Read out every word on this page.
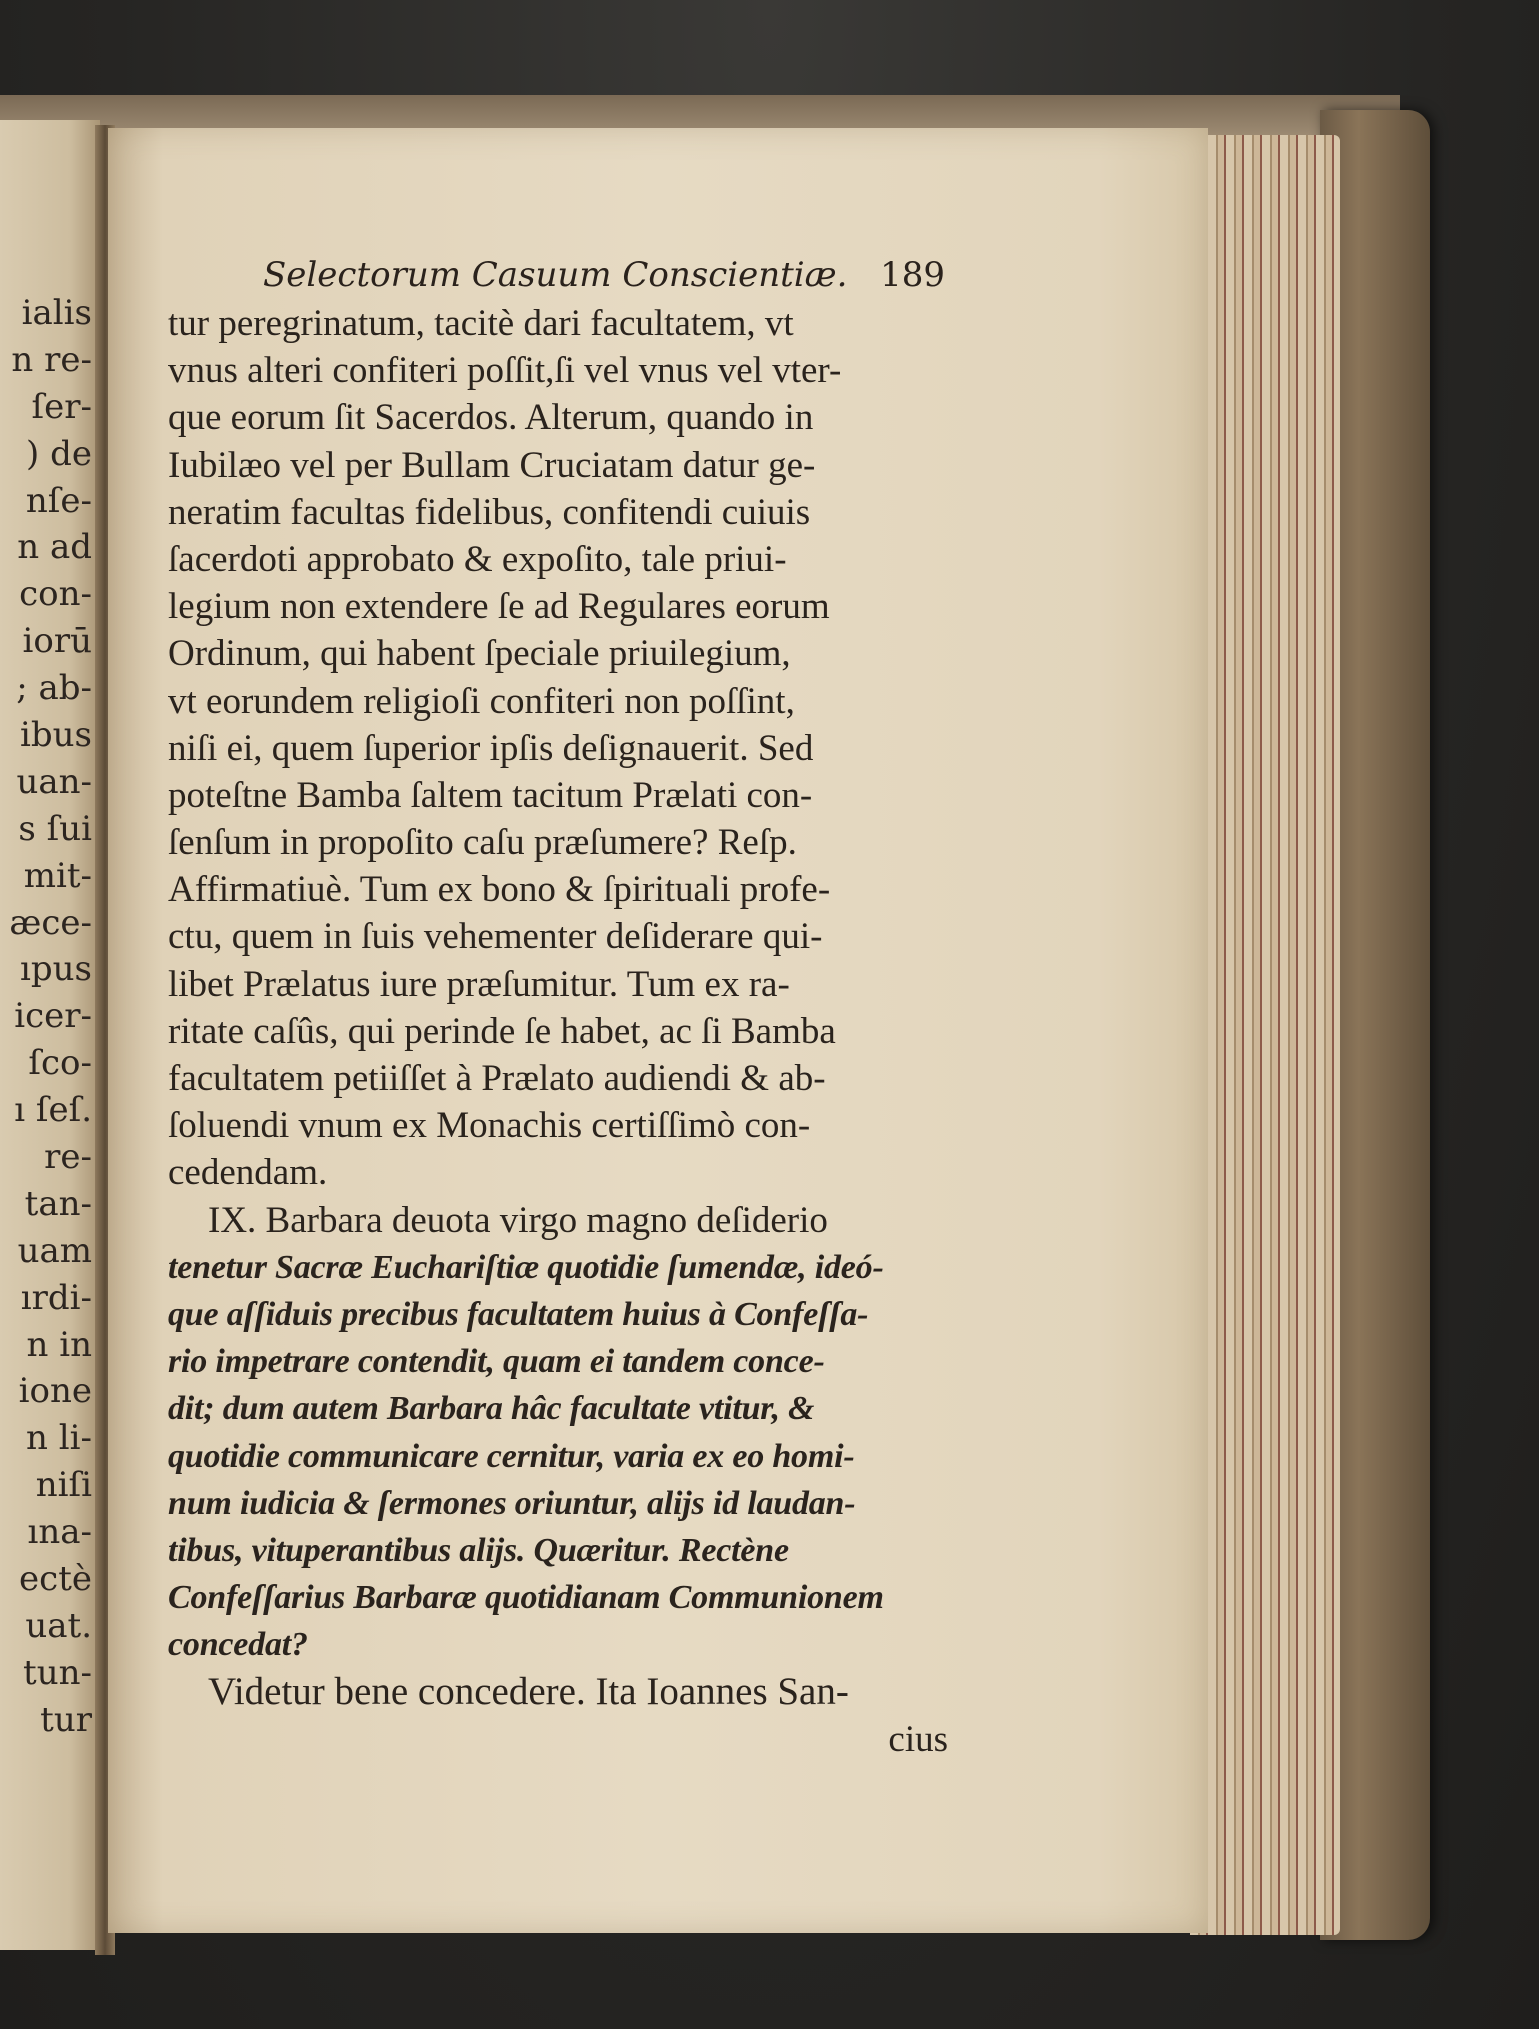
ialis
n re-
ſer-
) de
nſe-
n ad
con-
iorū
; ab-
ibus
uan-
s ſui
mit-
æce-
ıpus
icer-
ſco-
ı ſeſ.
re-
tan-
uam
ırdi-
n in
ione
n li-
niſi
ına-
ectè
uat.
tun-
tur
Selectorum Casuum Conscientiæ. 189
tur peregrinatum, tacitè dari facultatem, vt
vnus alteri confiteri poſſit,ſi vel vnus vel vter-
que eorum ſit Sacerdos. Alterum, quando in
Iubilæo vel per Bullam Cruciatam datur ge-
neratim facultas fidelibus, confitendi cuiuis
ſacerdoti approbato & expoſito, tale priui-
legium non extendere ſe ad Regulares eorum
Ordinum, qui habent ſpeciale priuilegium,
vt eorundem religioſi confiteri non poſſint,
niſi ei, quem ſuperior ipſis deſignauerit. Sed
poteſtne Bamba ſaltem tacitum Prælati con-
ſenſum in propoſito caſu præſumere? Reſp.
Affirmatiuè. Tum ex bono & ſpirituali profe-
ctu, quem in ſuis vehementer deſiderare qui-
libet Prælatus iure præſumitur. Tum ex ra-
ritate caſûs, qui perinde ſe habet, ac ſi Bamba
facultatem petiiſſet à Prælato audiendi & ab-
ſoluendi vnum ex Monachis certiſſimò con-
cedendam.
IX. Barbara deuota virgo magno deſiderio
tenetur Sacræ Euchariſtiæ quotidie ſumendæ, ideó-
que aſſiduis precibus facultatem huius à Confeſſa-
rio impetrare contendit, quam ei tandem conce-
dit; dum autem Barbara hâc facultate vtitur, &
quotidie communicare cernitur, varia ex eo homi-
num iudicia & ſermones oriuntur, alijs id laudan-
tibus, vituperantibus alijs. Quæritur. Rectène
Confeſſarius Barbaræ quotidianam Communionem
concedat?
Videtur bene concedere. Ita Ioannes San-
cius
